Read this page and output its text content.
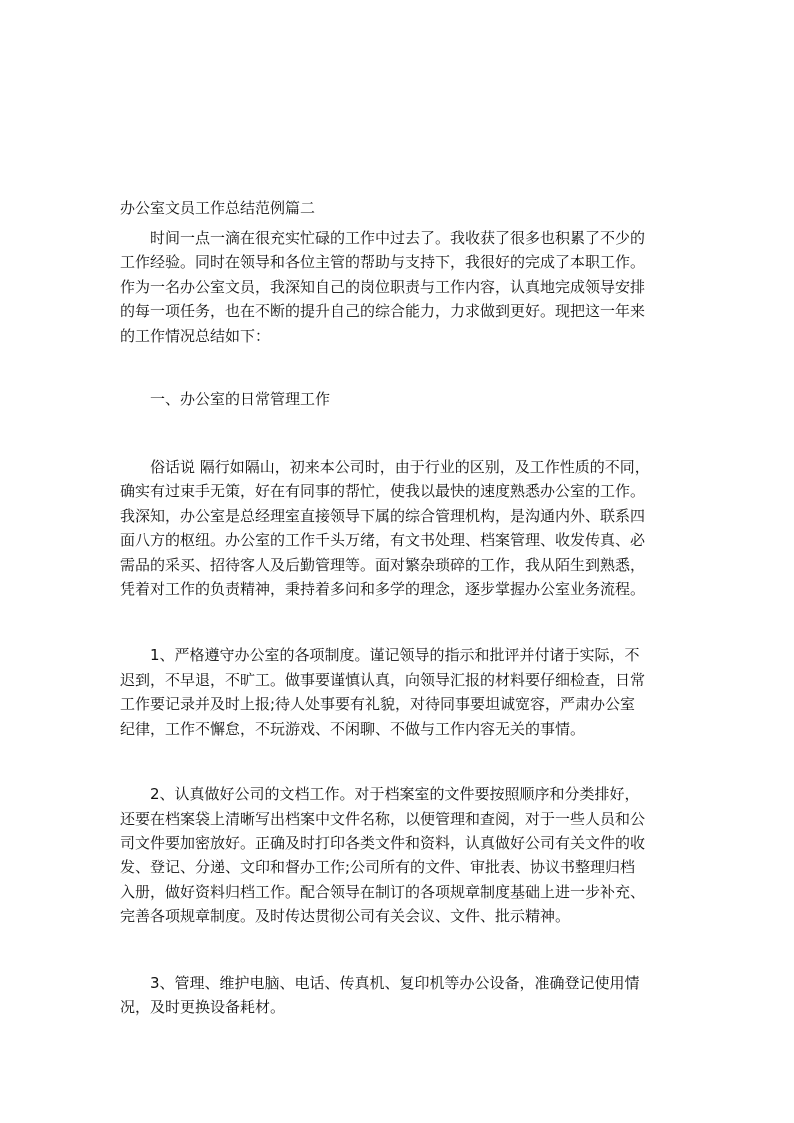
办公室文员工作总结范例篇二

时间一点一滴在很充实忙碌的工作中过去了。我收获了很多也积累了不少的
工作经验。同时在领导和各位主管的帮助与支持下，我很好的完成了本职工作。
作为一名办公室文员，我深知自己的岗位职责与工作内容，认真地完成领导安排
的每一项任务，也在不断的提升自己的综合能力，力求做到更好。现把这一年来
的工作情况总结如下：

一、办公室的日常管理工作

俗话说 隔行如隔山，初来本公司时，由于行业的区别，及工作性质的不同，
确实有过束手无策，好在有同事的帮忙，使我以最快的速度熟悉办公室的工作。
我深知，办公室是总经理室直接领导下属的综合管理机构，是沟通内外、联系四
面八方的枢纽。办公室的工作千头万绪，有文书处理、档案管理、收发传真、必
需品的采买、招待客人及后勤管理等。面对繁杂琐碎的工作，我从陌生到熟悉，
凭着对工作的负责精神，秉持着多问和多学的理念，逐步掌握办公室业务流程。
1、严格遵守办公室的各项制度。谨记领导的指示和批评并付诸于实际，不
迟到，不早退，不旷工。做事要谨慎认真，向领导汇报的材料要仔细检查，日常
工作要记录并及时上报;待人处事要有礼貌，对待同事要坦诚宽容，严肃办公室
纪律，工作不懈怠，不玩游戏、不闲聊、不做与工作内容无关的事情。
2、认真做好公司的文档工作。对于档案室的文件要按照顺序和分类排好，
还要在档案袋上清晰写出档案中文件名称，以便管理和查阅，对于一些人员和公
司文件要加密放好。正确及时打印各类文件和资料，认真做好公司有关文件的收
发、登记、分递、文印和督办工作;公司所有的文件、审批表、协议书整理归档
入册，做好资料归档工作。配合领导在制订的各项规章制度基础上进一步补充、
完善各项规章制度。及时传达贯彻公司有关会议、文件、批示精神。
3、管理、维护电脑、电话、传真机、复印机等办公设备，准确登记使用情
况，及时更换设备耗材。
